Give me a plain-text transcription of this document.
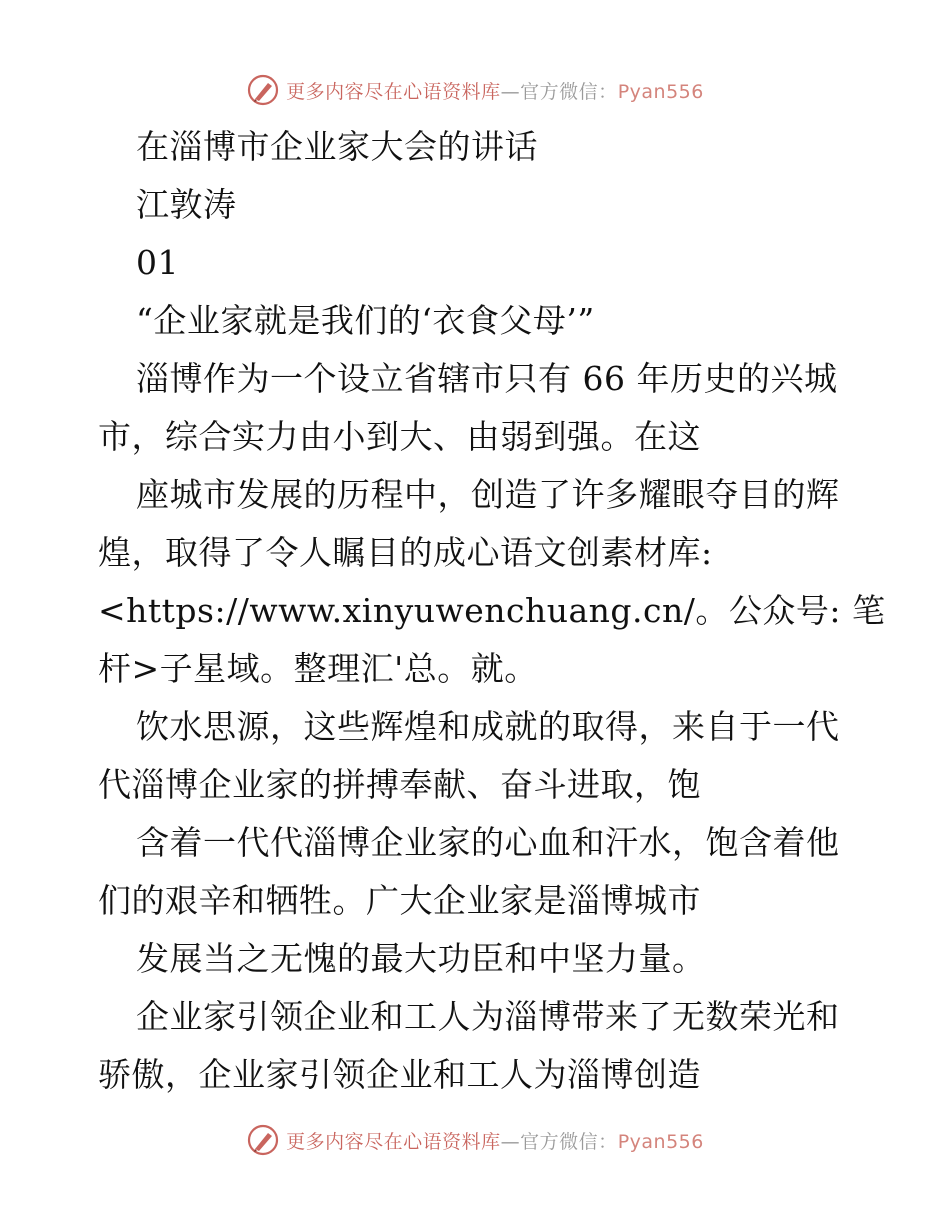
更多内容尽在心语资料库—官方微信：Pyan556
在淄博市企业家大会的讲话
江敦涛
01
“企业家就是我们的‘衣食父母’”
淄博作为一个设立省辖市只有 66 年历史的兴城
市，综合实力由小到大、由弱到强。在这
座城市发展的历程中，创造了许多耀眼夺目的辉
煌，取得了令人瞩目的成心语文创素材库:
<https://www.xinyuwenchuang.cn/。公众号: 笔
杆>子星域。整理汇'总。就。
饮水思源，这些辉煌和成就的取得，来自于一代
代淄博企业家的拼搏奉献、奋斗进取，饱
含着一代代淄博企业家的心血和汗水，饱含着他
们的艰辛和牺牲。广大企业家是淄博城市
发展当之无愧的最大功臣和中坚力量。
企业家引领企业和工人为淄博带来了无数荣光和
骄傲，企业家引领企业和工人为淄博创造
更多内容尽在心语资料库—官方微信：Pyan556
